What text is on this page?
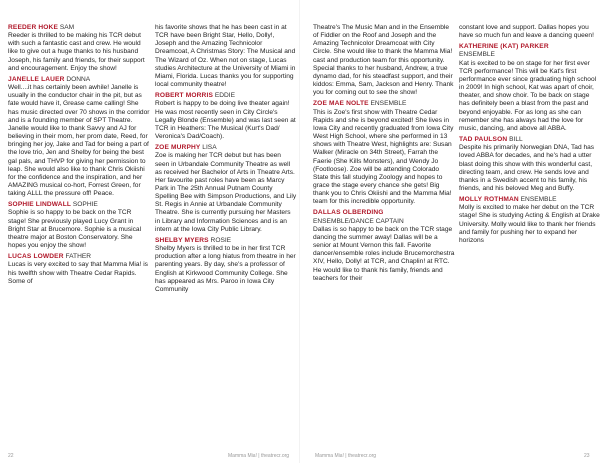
REEDER HOKE SAM

Reeder is thrilled to be making his TCR debut with such a fantastic cast and crew. He would like to give out a huge thanks to his husband Joseph, his family and friends, for their support and encouragement. Enjoy the show!

JANELLE LAUER DONNA

Well....it has certainly been awhile! Janelle is usually in the conductor chair in the pit, but as fate would have it, Grease came calling! She has music directed over 70 shows in the corridor and is a founding member of SPT Theatre. Janelle would like to thank Savvy and AJ for believing in their mom, her prom date, Reed, for bringing her joy, Jake and Tad for being a part of the love trio, Jen and Shelby for being the best gal pals, and THVP for giving her permission to leap. She would also like to thank Chris Okiishi for the confidence and the inspiration, and her AMAZING musical co-hort, Forrest Green, for taking ALLL the pressure off! Peace.

SOPHIE LINDWALL SOPHIE

Sophie is so happy to be back on the TCR stage! She previously played Lucy Grant in Bright Star at Brucemore. Sophie is a musical theatre major at Boston Conservatory. She hopes you enjoy the show!

LUCAS LOWDER FATHER

Lucas is very excited to say that Mamma Mia! is his twelfth show with Theatre Cedar Rapids. Some of

his favorite shows that he has been cast in at TCR have been Bright Star, Hello, Dolly!, Joseph and the Amazing Technicolor Dreamcoat, A Christmas Story: The Musical and The Wizard of Oz. When not on stage, Lucas studies Architecture at the University of Miami in Miami, Florida. Lucas thanks you for supporting local community theatre!

ROBERT MORRIS EDDIE

Robert is happy to be doing live theater again! He was most recently seen in City Circle's Legally Blonde (Ensemble) and was last seen at TCR in Heathers: The Musical (Kurt's Dad/ Veronica's Dad/Coach).

ZOE MURPHY LISA

Zoe is making her TCR debut but has been seen in Urbandale Community Theatre as well as received her Bachelor of Arts in Theatre Arts. Her favourite past roles have been as Marcy Park in The 25th Annual Putnam County Spelling Bee with Simpson Productions, and Lily St. Regis in Annie at Urbandale Community Theatre. She is currently pursuing her Masters in Library and Information Sciences and is an intern at the Iowa City Public Library.

SHELBY MYERS ROSIE

Shelby Myers is thrilled to be in her first TCR production after a long hiatus from theatre in her parenting years. By day, she's a professor of English at Kirkwood Community College. She has appeared as Mrs. Paroo in Iowa City Community

Theatre's The Music Man and in the Ensemble of Fiddler on the Roof and Joseph and the Amazing Technicolor Dreamcoat with City Circle. She would like to thank the Mamma Mia! cast and production team for this opportunity. Special thanks to her husband, Andrew, a true dynamo dad, for his steadfast support, and their kiddos: Emma, Sam, Jackson and Henry. Thank you for coming out to see the show!

ZOE MAE NOLTE ENSEMBLE

This is Zoe's first show with Theatre Cedar Rapids and she is beyond excited! She lives in Iowa City and recently graduated from Iowa City West High School, where she performed in 13 shows with Theatre West, highlights are: Susan Walker (Miracle on 34th Street), Farrah the Faerie (She Kills Monsters), and Wendy Jo (Footloose). Zoe will be attending Colorado State this fall studying Zoology and hopes to grace the stage every chance she gets! Big thank you to Chris Okiishi and the Mamma Mia! team for this incredible opportunity.

DALLAS OLBERDING

ENSEMBLE/DANCE CAPTAIN

Dallas is so happy to be back on the TCR stage dancing the summer away! Dallas will be a senior at Mount Vernon this fall. Favorite dancer/ensemble roles include Brucemorchestra XIV, Hello, Dolly! at TCR, and Chaplin! at RTC. He would like to thank his family, friends and teachers for their

constant love and support. Dallas hopes you have so much fun and leave a dancing queen!

KATHERINE (KAT) PARKER

ENSEMBLE

Kat is excited to be on stage for her first ever TCR performance! This will be Kat's first performance ever since graduating high school in 2009! In high school, Kat was apart of choir, theater, and show choir. To be back on stage has definitely been a blast from the past and beyond enjoyable. For as long as she can remember she has always had the love for music, dancing, and above all ABBA.

TAD PAULSON BILL

Despite his primarily Norwegian DNA, Tad has loved ABBA for decades, and he's had a utter blast doing this show with this wonderful cast, directing team, and crew. He sends love and thanks in a Swedish accent to his family, his friends, and his beloved Meg and Buffy.

MOLLY ROTHMAN ENSEMBLE

Molly is excited to make her debut on the TCR stage! She is studying Acting & English at Drake University. Molly would like to thank her friends and family for pushing her to expand her horizons

22	Mamma Mia! | theatrecr.org	Mamma Mia! | theatrecr.org	23
